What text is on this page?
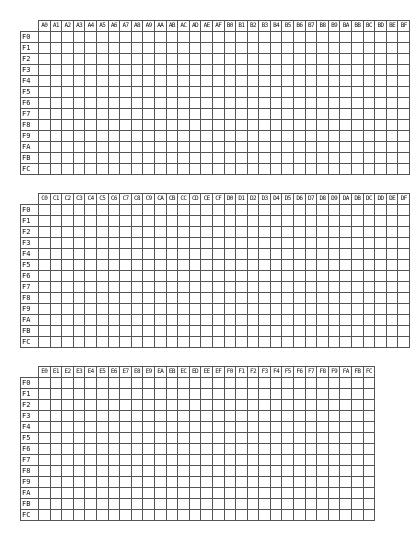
	A0	A1	A2	A3	A4	A5	A6	A7	A8	A9	AA	AB	AC	AD	AE	AF	B0	B1	B2	B3	B4	B5	B6	B7	B8	B9	BA	BB	BC	BD	BE	BF
F0																																
F1																																
F2																																
F3																																
F4																																
F5																																
F6																																
F7																																
F8																																
F9																																
FA																																
FB																																
FC																																
	C0	C1	C2	C3	C4	C5	C6	C7	C8	C9	CA	CB	CC	CD	CE	CF	D0	D1	D2	D3	D4	D5	D6	D7	D8	D9	DA	DB	DC	DD	DE	DF
F0																																
F1																																
F2																																
F3																																
F4																																
F5																																
F6																																
F7																																
F8																																
F9																																
FA																																
FB																																
FC																																
	E0	E1	E2	E3	E4	E5	E6	E7	E8	E9	EA	EB	EC	ED	EE	EF	F0	F1	F2	F3	F4	F5	F6	F7	F8	F9	FA	FB	FC
F0																													
F1																													
F2																													
F3																													
F4																													
F5																													
F6																													
F7																													
F8																													
F9																													
FA																													
FB																													
FC																													
